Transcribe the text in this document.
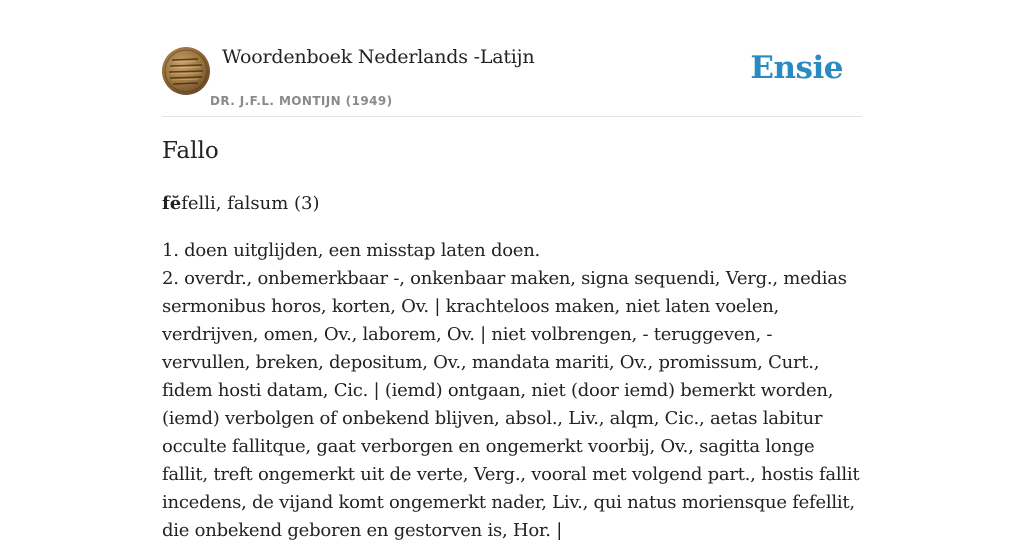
Woordenboek Nederlands -Latijn
DR. J.F.L. MONTIJN (1949)
Ensie
Fallo
fĕfelli, falsum (3)
1. doen uitglijden, een misstap laten doen.
2. overdr., onbemerkbaar -, onkenbaar maken, signa sequendi, Verg., medias sermonibus horos, korten, Ov. | krachteloos maken, niet laten voelen, verdrijven, omen, Ov., laborem, Ov. | niet volbrengen, - teruggeven, - vervullen, breken, depositum, Ov., mandata mariti, Ov., promissum, Curt., fidem hosti datam, Cic. | (iemd) ontgaan, niet (door iemd) bemerkt worden, (iemd) verbolgen of onbekend blijven, absol., Liv., alqm, Cic., aetas labitur occulte fallitque, gaat verborgen en ongemerkt voorbij, Ov., sagitta longe fallit, treft ongemerkt uit de verte, Verg., vooral met volgend part., hostis fallit incedens, de vijand komt ongemerkt nader, Liv., qui natus moriensque fefellit, die onbekend geboren en gestorven is, Hor. |
